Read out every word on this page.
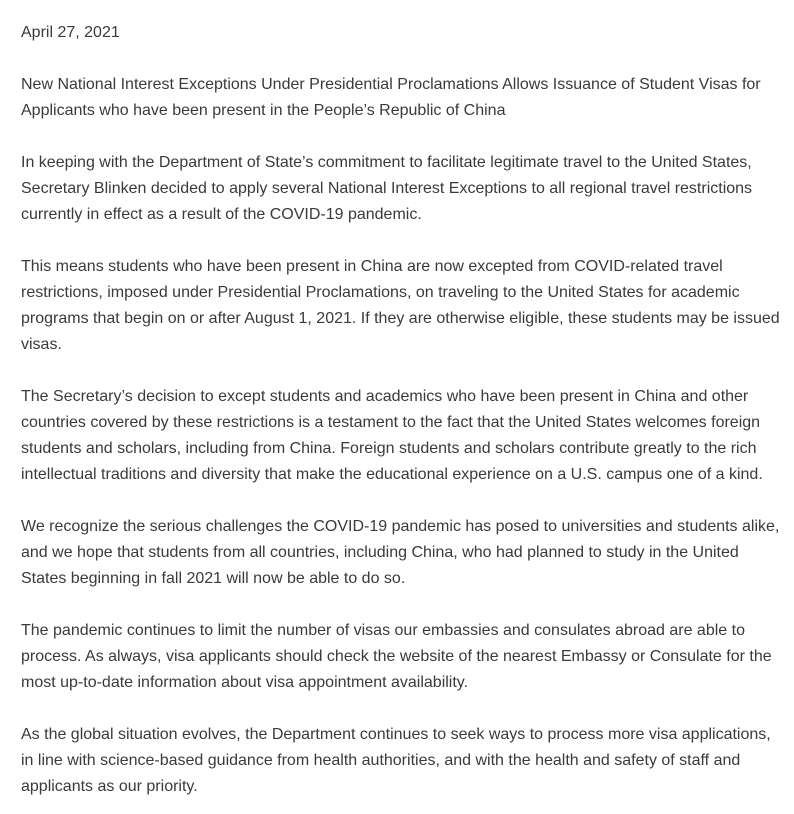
April 27, 2021

New National Interest Exceptions Under Presidential Proclamations Allows Issuance of Student Visas for Applicants who have been present in the People’s Republic of China

In keeping with the Department of State’s commitment to facilitate legitimate travel to the United States, Secretary Blinken decided to apply several National Interest Exceptions to all regional travel restrictions currently in effect as a result of the COVID-19 pandemic.

This means students who have been present in China are now excepted from COVID-related travel restrictions, imposed under Presidential Proclamations, on traveling to the United States for academic programs that begin on or after August 1, 2021. If they are otherwise eligible, these students may be issued visas.

The Secretary’s decision to except students and academics who have been present in China and other countries covered by these restrictions is a testament to the fact that the United States welcomes foreign students and scholars, including from China. Foreign students and scholars contribute greatly to the rich intellectual traditions and diversity that make the educational experience on a U.S. campus one of a kind.

We recognize the serious challenges the COVID-19 pandemic has posed to universities and students alike, and we hope that students from all countries, including China, who had planned to study in the United States beginning in fall 2021 will now be able to do so.

The pandemic continues to limit the number of visas our embassies and consulates abroad are able to process. As always, visa applicants should check the website of the nearest Embassy or Consulate for the most up-to-date information about visa appointment availability.

As the global situation evolves, the Department continues to seek ways to process more visa applications, in line with science-based guidance from health authorities, and with the health and safety of staff and applicants as our priority.
